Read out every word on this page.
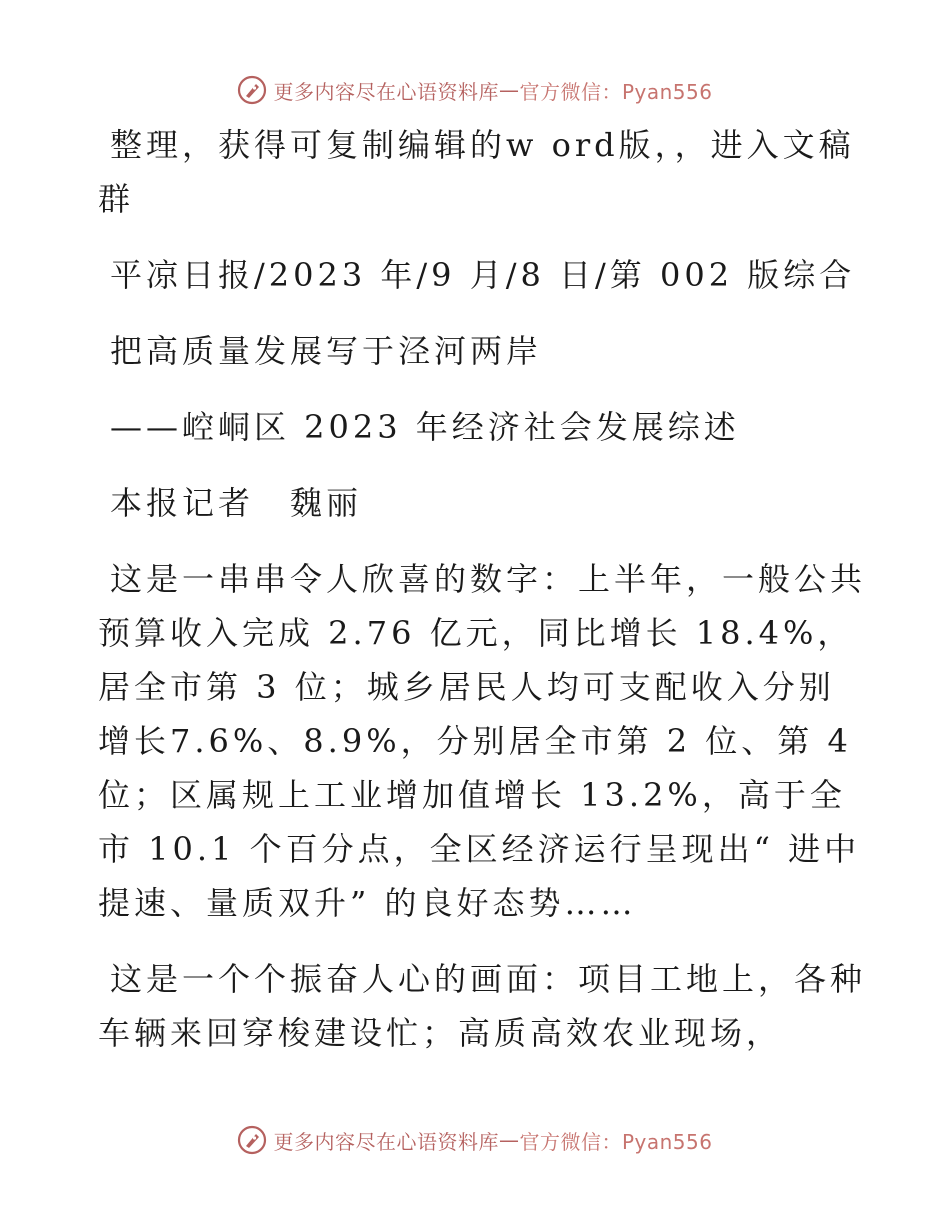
更多内容尽在心语资料库 — 官方微信：Pyan556

整理，获得可复制编辑的w ord版，，进入文稿群

平凉日报/2023 年/9 月/8 日/第 002 版综合

把高质量发展写于泾河两岸

——崆峒区 2023 年经济社会发展综述

本报记者　魏丽

这是一串串令人欣喜的数字：上半年，一般公共预算收入完成 2.76 亿元，同比增长 18.4%，居全市第 3 位；城乡居民人均可支配收入分别增长7.6%、8.9%，分别居全市第 2 位、第 4 位；区属规上工业增加值增长 13.2%，高于全市 10.1 个百分点，全区经济运行呈现出“ 进中提速、量质双升” 的良好态势……

这是一个个振奋人心的画面：项目工地上，各种车辆来回穿梭建设忙；高质高效农业现场，

更多内容尽在心语资料库 — 官方微信：Pyan556
